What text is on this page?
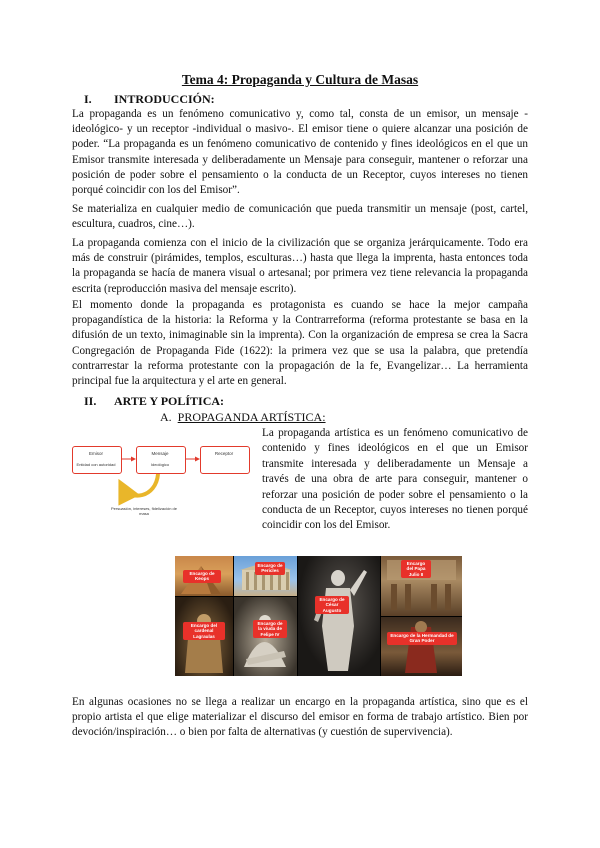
Tema 4: Propaganda y Cultura de Masas
I. INTRODUCCIÓN:

La propaganda es un fenómeno comunicativo y, como tal, consta de un emisor, un mensaje -ideológico- y un receptor -individual o masivo-. El emisor tiene o quiere alcanzar una posición de poder. “La propaganda es un fenómeno comunicativo de contenido y fines ideológicos en el que un Emisor transmite interesada y deliberadamente un Mensaje para conseguir, mantener o reforzar una posición de poder sobre el pensamiento o la conducta de un Receptor, cuyos intereses no tienen porqué coincidir con los del Emisor”.

Se materializa en cualquier medio de comunicación que pueda transmitir un mensaje (post, cartel, escultura, cuadros, cine…).

La propaganda comienza con el inicio de la civilización que se organiza jerárquicamente. Todo era más de construir (pirámides, templos, esculturas…) hasta que llega la imprenta, hasta entonces toda la propaganda se hacía de manera visual o artesanal; por primera vez tiene relevancia la propaganda escrita (reproducción masiva del mensaje escrito).

El momento donde la propaganda es protagonista es cuando se hace la mejor campaña propagandística de la historia: la Reforma y la Contrarreforma (reforma protestante se basa en la difusión de un texto, inimaginable sin la imprenta). Con la organización de empresa se crea la Sacra Congregación de Propaganda Fide (1622): la primera vez que se usa la palabra, que pretendía contrarrestar la reforma protestante con la propagación de la fe, Evangelizar… La herramienta principal fue la arquitectura y el arte en general.

II. ARTE Y POLÍTICA:
A. PROPAGANDA ARTÍSTICA:

La propaganda artística es un fenómeno comunicativo de contenido y fines ideológicos en el que un Emisor transmite interesada y deliberadamente un Mensaje a través de una obra de arte para conseguir, mantener o reforzar una posición de poder sobre el pensamiento o la conducta de un Receptor, cuyos intereses no tienen porqué coincidir con los del Emisor.

Emisor
Entidad con autoridad
Mensaje
Ideológico
Receptor
Persuasión, intereses, fidelización de masa
Encargo de Keops
Encargo de Pericles
Encargo del Papa Julio II
Encargo de César Augusto
Encargo del cardenal Lagraulas
Encargo de la viuda de Felipe IV	Encargo de la Hermandad de Gran Poder

En algunas ocasiones no se llega a realizar un encargo en la propaganda artística, sino que es el propio artista el que elige materializar el discurso del emisor en forma de trabajo artístico. Bien por devoción/inspiración… o bien por falta de alternativas (y cuestión de supervivencia).
